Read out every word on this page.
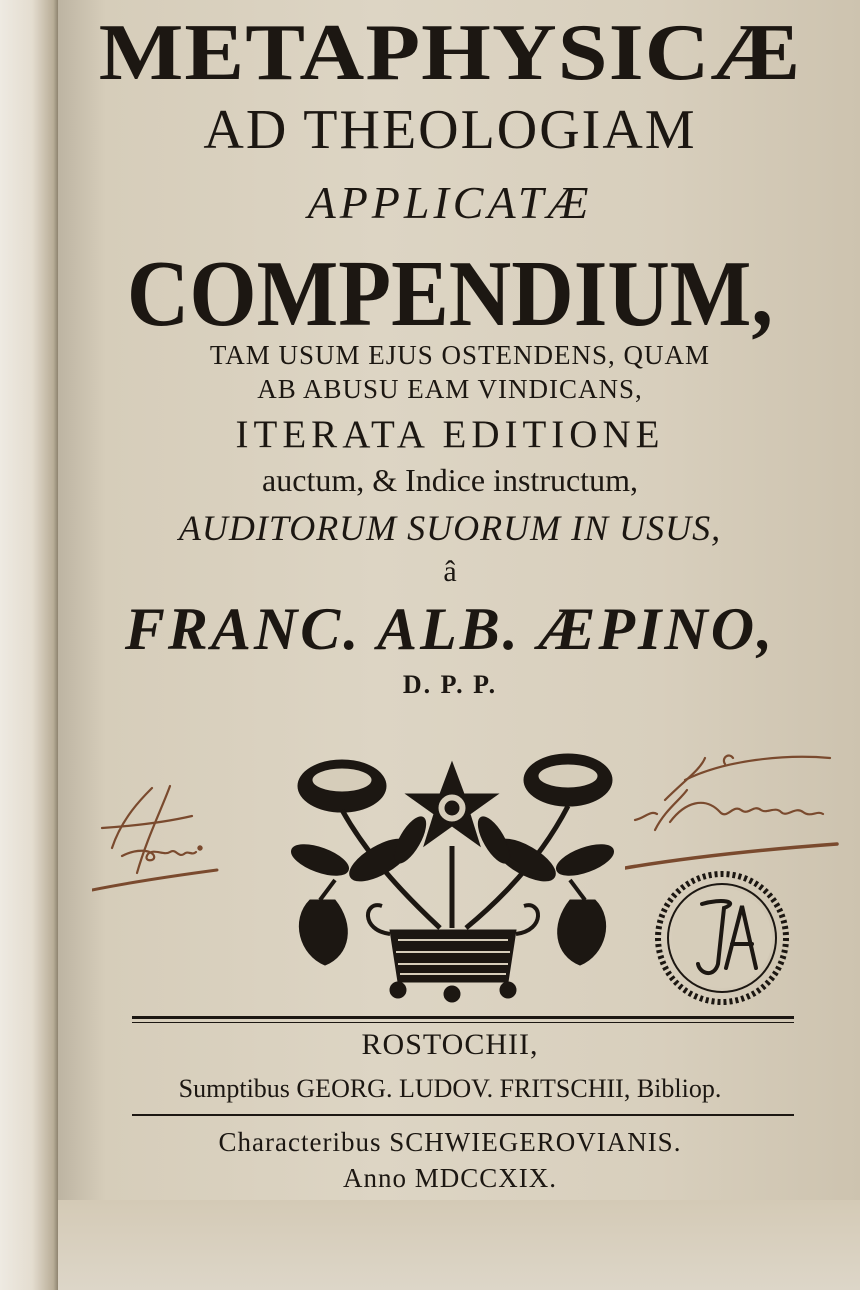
METAPHYSICÆ
AD THEOLOGIAM
APPLICATÆ
COMPENDIUM,
TAM USUM EJUS OSTENDENS, QUAM
AB ABUSU EAM VINDICANS,
ITERATA EDITIONE
auctum, & Indice instructum,
AUDITORUM SUORUM IN USUS,
â
FRANC. ALB. ÆPINO,
D. P. P.
ROSTOCHII,
Sumptibus GEORG. LUDOV. FRITSCHII, Bibliop.
Characteribus SCHWIEGEROVIANIS.
Anno MDCCXIX.
